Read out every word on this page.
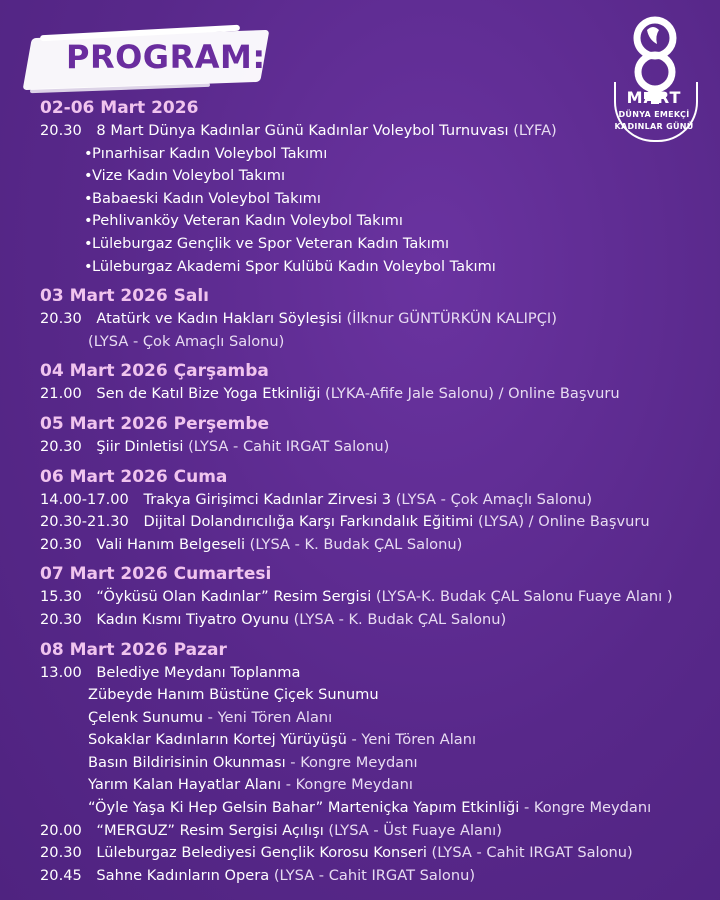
PROGRAM:
MART
DÜNYA EMEKÇİ
KADINLAR GÜNÜ
02-06 Mart 2026
20.30 8 Mart Dünya Kadınlar Günü Kadınlar Voleybol Turnuvası (LYFA)
•Pınarhisar Kadın Voleybol Takımı
•Vize Kadın Voleybol Takımı
•Babaeski Kadın Voleybol Takımı
•Pehlivanköy Veteran Kadın Voleybol Takımı
•Lüleburgaz Gençlik ve Spor Veteran Kadın Takımı
•Lüleburgaz Akademi Spor Kulübü Kadın Voleybol Takımı
03 Mart 2026 Salı
20.30 Atatürk ve Kadın Hakları Söyleşisi (İlknur GÜNTÜRKÜN KALIPÇI)
(LYSA - Çok Amaçlı Salonu)
04 Mart 2026 Çarşamba
21.00 Sen de Katıl Bize Yoga Etkinliği (LYKA-Afife Jale Salonu) / Online Başvuru
05 Mart 2026 Perşembe
20.30 Şiir Dinletisi (LYSA - Cahit IRGAT Salonu)
06 Mart 2026 Cuma
14.00-17.00 Trakya Girişimci Kadınlar Zirvesi 3 (LYSA - Çok Amaçlı Salonu)
20.30-21.30 Dijital Dolandırıcılığa Karşı Farkındalık Eğitimi (LYSA) / Online Başvuru
20.30 Vali Hanım Belgeseli (LYSA - K. Budak ÇAL Salonu)
07 Mart 2026 Cumartesi
15.30 “Öyküsü Olan Kadınlar” Resim Sergisi (LYSA-K. Budak ÇAL Salonu Fuaye Alanı )
20.30 Kadın Kısmı Tiyatro Oyunu (LYSA - K. Budak ÇAL Salonu)
08 Mart 2026 Pazar
13.00 Belediye Meydanı Toplanma
Zübeyde Hanım Büstüne Çiçek Sunumu
Çelenk Sunumu - Yeni Tören Alanı
Sokaklar Kadınların Kortej Yürüyüşü - Yeni Tören Alanı
Basın Bildirisinin Okunması - Kongre Meydanı
Yarım Kalan Hayatlar Alanı - Kongre Meydanı
“Öyle Yaşa Ki Hep Gelsin Bahar” Marteniçka Yapım Etkinliği - Kongre Meydanı
20.00 “MERGUZ” Resim Sergisi Açılışı (LYSA - Üst Fuaye Alanı)
20.30 Lüleburgaz Belediyesi Gençlik Korosu Konseri (LYSA - Cahit IRGAT Salonu)
20.45 Sahne Kadınların Opera (LYSA - Cahit IRGAT Salonu)
